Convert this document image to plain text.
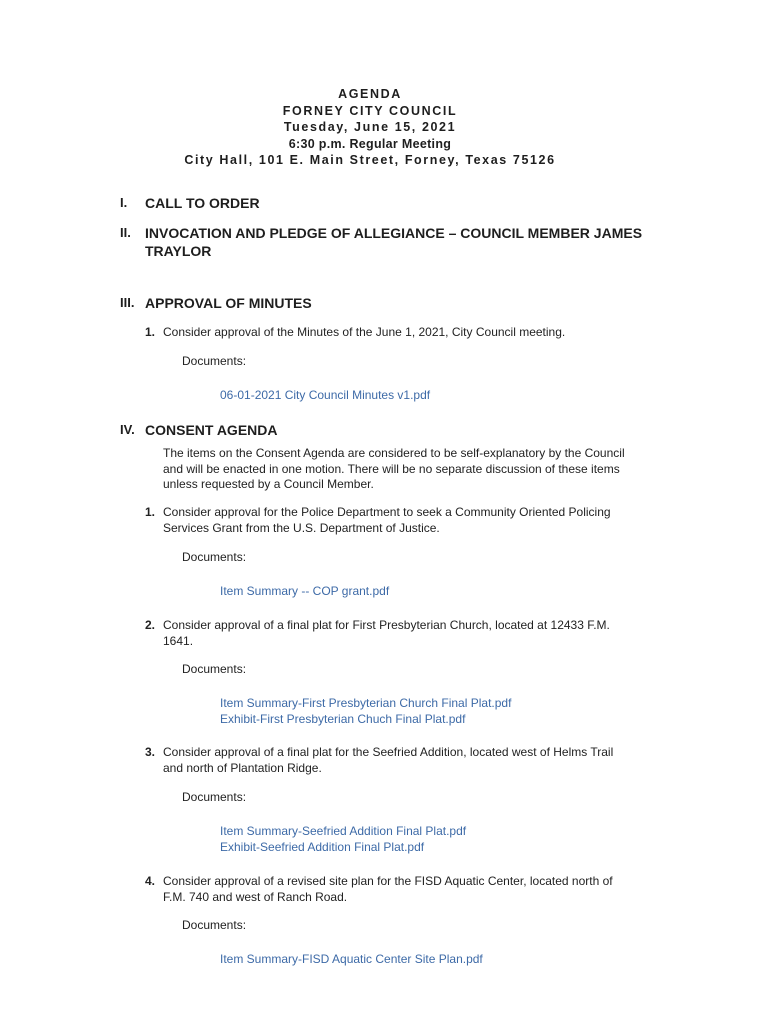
AGENDA
FORNEY CITY COUNCIL
Tuesday, June 15, 2021
6:30 p.m. Regular Meeting
City Hall, 101 E. Main Street, Forney, Texas 75126
I.	CALL TO ORDER
II.	INVOCATION AND PLEDGE OF ALLEGIANCE – COUNCIL MEMBER JAMES TRAYLOR
III. APPROVAL OF MINUTES
1. Consider approval of the Minutes of the June 1, 2021, City Council meeting.
Documents:
06-01-2021 City Council Minutes v1.pdf
IV. CONSENT AGENDA
The items on the Consent Agenda are considered to be self-explanatory by the Council and will be enacted in one motion. There will be no separate discussion of these items unless requested by a Council Member.
1. Consider approval for the Police Department to seek a Community Oriented Policing Services Grant from the U.S. Department of Justice.
Documents:
Item Summary -- COP grant.pdf
2. Consider approval of a final plat for First Presbyterian Church, located at 12433 F.M. 1641.
Documents:
Item Summary-First Presbyterian Church Final Plat.pdf
Exhibit-First Presbyterian Chuch Final Plat.pdf
3. Consider approval of a final plat for the Seefried Addition, located west of Helms Trail and north of Plantation Ridge.
Documents:
Item Summary-Seefried Addition Final Plat.pdf
Exhibit-Seefried Addition Final Plat.pdf
4. Consider approval of a revised site plan for the FISD Aquatic Center, located north of F.M. 740 and west of Ranch Road.
Documents:
Item Summary-FISD Aquatic Center Site Plan.pdf
